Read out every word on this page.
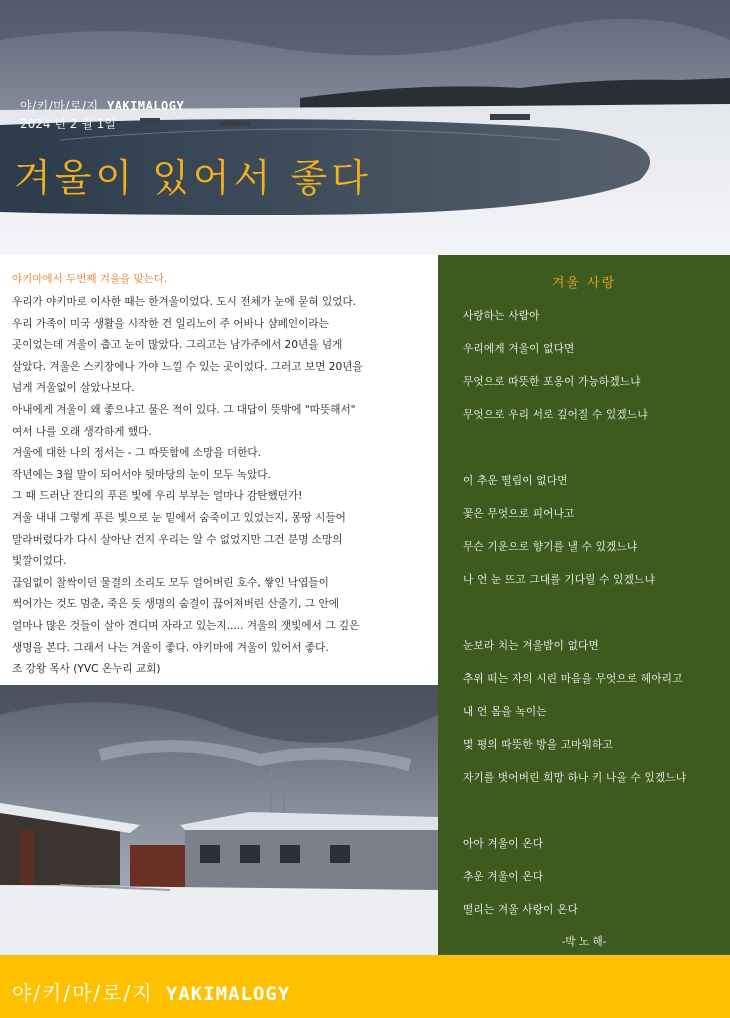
야/키/마/로/지 YAKIMALOGY
2024 년 2 월 1일
겨울이 있어서 좋다
야키마에서 두번째 겨울을 맞는다.

우리가 야키마로 이사한 때는 한겨울이었다. 도시 전체가 눈에 묻혀 있었다.

우리 가족이 미국 생활을 시작한 건 일리노이 주 어바나 샴페인이라는

곳이었는데 겨울이 춥고 눈이 많았다. 그리고는 남가주에서 20년을 넘게

살았다. 겨울은 스키장에나 가야 느낄 수 있는 곳이었다. 그러고 보면 20년을

넘게 겨울없이 살았나보다.

아내에게 겨울이 왜 좋으냐고 물은 적이 있다. 그 대답이 뜻밖에 "따뜻해서"

여서 나를 오래 생각하게 했다.

겨울에 대한 나의 정서는 - 그 따뜻함에 소망을 더한다.

작년에는 3월 말이 되어서야 뒷마당의 눈이 모두 녹았다.

그 때 드러난 잔디의 푸른 빛에 우리 부부는 얼마나 감탄했던가!

겨울 내내 그렇게 푸른 빛으로 눈 밑에서 숨죽이고 있었는지, 몽땅 시들어

말라버렸다가 다시 살아난 건지 우리는 알 수 없었지만 그건 분명 소망의

빛깔이었다.

끊임없이 찰싹이던 물결의 소리도 모두 얼어버린 호수, 쌓인 낙엽들이

썩어가는 것도 멈춘, 죽은 듯 생명의 숨결이 끊어져버린 산줄기, 그 안에

얼마나 많은 것들이 살아 견디며 자라고 있는지..... 겨울의 잿빛에서 그 깊은

생명을 본다. 그래서 나는 겨울이 좋다. 야키마에 겨울이 있어서 좋다.

조 강왕 목사 (YVC 온누리 교회)

겨울 사랑
사랑하는 사람아
우리에게 겨울이 없다면
무엇으로 따뜻한 포옹이 가능하겠느냐
무엇으로 우리 서로 깊어질 수 있겠느냐
이 추운 떨림이 없다면
꽃은 무엇으로 피어나고
무슨 기운으로 향기를 낼 수 있겠느냐
나 언 눈 뜨고 그대를 기다릴 수 있겠느냐
눈보라 치는 겨울밤이 없다면
추위 떠는 자의 시린 마음을 무엇으로 헤아리고
내 언 몸을 녹이는
몇 평의 따뜻한 방을 고마워하고
자기를 벗어버린 희망 하나 키 나올 수 있겠느냐
아아 겨울이 온다
추운 겨울이 온다
떨리는 겨울 사랑이 온다
-박 노 해-
야/키/마/로/지 YAKIMALOGY
